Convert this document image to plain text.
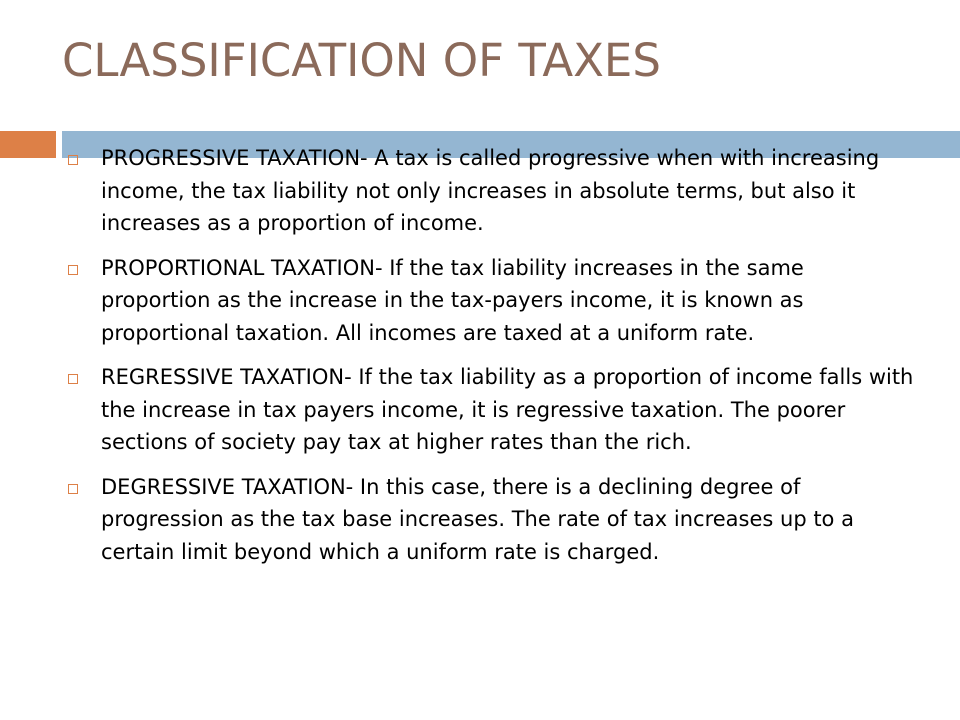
CLASSIFICATION OF TAXES
PROGRESSIVE TAXATION- A tax is called progressive when with increasing income, the tax liability not only increases in absolute terms, but also it increases as a proportion of income.
PROPORTIONAL TAXATION- If the tax liability increases in the same proportion as the increase in the tax-payers income, it is known as proportional taxation. All incomes are taxed at a uniform rate.
REGRESSIVE TAXATION- If the tax liability as a proportion of income falls with the increase in tax payers income, it is regressive taxation. The poorer sections of society pay tax at higher rates than the rich.
DEGRESSIVE TAXATION- In this case, there is a declining degree of progression as the tax base increases. The rate of tax increases up to a certain limit beyond which a uniform rate is charged.
